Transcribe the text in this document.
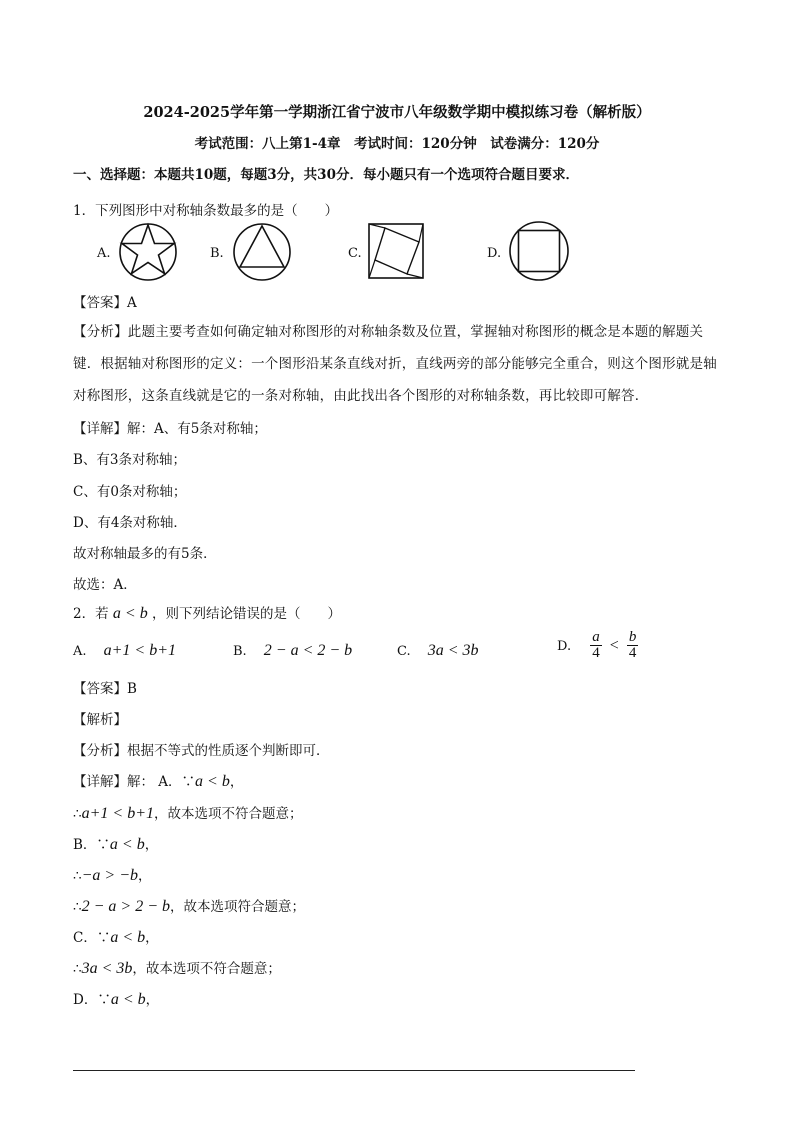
2024-2025学年第一学期浙江省宁波市八年级数学期中模拟练习卷（解析版）
考试范围：八上第1-4章　考试时间：120分钟　试卷满分：120分
一、选择题：本题共10题，每题3分，共30分．每小题只有一个选项符合题目要求．
1．下列图形中对称轴条数最多的是（　　）
A.	B.	C.	D.
【答案】A
【分析】此题主要考查如何确定轴对称图形的对称轴条数及位置，掌握轴对称图形的概念是本题的解题关键．根据轴对称图形的定义：一个图形沿某条直线对折，直线两旁的部分能够完全重合，则这个图形就是轴对称图形，这条直线就是它的一条对称轴，由此找出各个图形的对称轴条数，再比较即可解答．
【详解】解：A、有5条对称轴；
B、有3条对称轴；
C、有0条对称轴；
D、有4条对称轴．
故对称轴最多的有5条．
故选：A．
2．若 a < b ，则下列结论错误的是（　　）
A. a+1 < b+1	B. 2 − a < 2 − b	C. 3a < 3b	D. $\frac{a}{4} < \frac{b}{4}$
【答案】B
【解析】
【分析】根据不等式的性质逐个判断即可．
【详解】解： A．∵a < b，
∴a+1 < b+1，故本选项不符合题意；
B．∵a < b，
∴−a > −b，
∴2 − a > 2 − b，故本选项符合题意；
C．∵a < b，
∴3a < 3b，故本选项不符合题意；
D．∵a < b，
